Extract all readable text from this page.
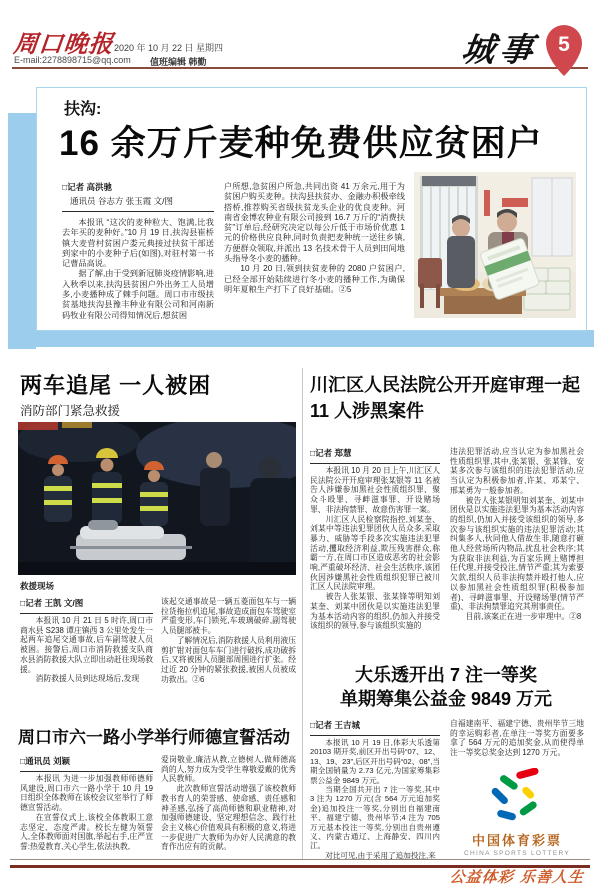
周口晚报
2020 年 10 月 22 日 星期四
E-mail:2278898715@qq.com 值班编辑 韩勤	城事 5
扶沟:
16 余万斤麦种免费供应贫困户
□记者 高洪驰
通讯员 谷志方 张玉霞 文/图

本报讯 “这次的麦种粒大、饱满,比我去年买的麦种好。”10 月 19 日,扶沟县崔桥镇大麦营村贫困户娄元典接过扶贫干部送到家中的小麦种子后(如图),对驻村第一书记曹品高说。

据了解,由于受到新冠肺炎疫情影响,进入秋季以来,扶沟县贫困户外出务工人员增多,小麦播种成了棘手问题。周口市市级扶贫基地扶沟县豫丰种业有限公司和河南新码牧业有限公司得知情况后,想贫困

户所想,急贫困户所急,共同出资 41 万余元,用于为贫困户购买麦种。扶沟县扶贫办、金融办积极牵线搭桥,推荐购买省级扶贫龙头企业的优良麦种。河南省金博农种业有限公司接到 16.7 万斤的“消费扶贫”订单后,经研究决定以每公斤低于市场价优惠 1 元的价格供应良种,同时负责把麦种统一送往乡镇,方便群众领取,并派出 13 名技术骨干人员到田间地头指导冬小麦的播种。

10 月 20 日,领到扶贫麦种的 2080 户贫困户,已经全部开始陆续进行冬小麦的播种工作,为确保明年夏粮生产打下了良好基础。②5

两车追尾 一人被困
消防部门紧急救援
救援现场
□记者 王凯 文/图

本报讯 10 月 21 日 5 时许,周口市商水县 S238 谭庄镇西 3 公里处发生一起两车追尾交通事故,后车副驾驶人员被困。接警后,周口市消防救援支队商水县消防救援大队立即出动赶往现场救援。

消防救援人员到达现场后,发现

该起交通事故是一辆五菱面包车与一辆拉货拖拉机追尾,事故造成面包车驾驶室严重变形,车门锁死,车玻璃破碎,副驾驶人员腿部被卡。

了解情况后,消防救援人员利用液压剪扩钳对面包车车门进行破拆,成功破拆后,又将被困人员腿部周围进行扩张。经过近 20 分钟的紧张救援,被困人员被成功救出。②6

周口市六一路小学举行师德宣誓活动
□通讯员 刘颖

本报讯 为进一步加强教师师德师风建设,周口市六一路小学于 10 月 19 日组织全体教师在该校会议室举行了师德宣誓活动。

在宣誓仪式上,该校全体教职工意志坚定、态度严肃。校长左健为领誓人,全体教师面对国旗,举起右手,庄严宣誓:热爱教育,关心学生,依法执教,

爱岗敬业,廉洁从教,立德树人,做师德高尚的人,努力成为受学生尊敬爱戴的优秀人民教师。

此次教师宣誓活动增强了该校教师教书育人的荣誉感、使命感、责任感和神圣感,弘扬了高尚师德和职业精神,对加强师德建设、坚定理想信念、践行社会主义核心价值观具有积极的意义,将进一步促进广大教师为办好人民满意的教育作出应有的贡献。

川汇区人民法院公开开庭审理一起
11 人涉黑案件
□记者 郑慧

本报讯 10 月 20 日上午,川汇区人民法院公开开庭审理张某银等 11 名被告人涉嫌参加黑社会性质组织罪、聚众斗殴罪、寻衅滋事罪、开设赌场罪、非法拘禁罪、故意伤害罪一案。

川汇区人民检察院指控,刘某奎、刘某中等违法犯罪团伙人员众多,采取暴力、威胁等手段多次实施违法犯罪活动,攫取经济利益,欺压残害群众,称霸一方,在周口市区造成恶劣的社会影响,严重破坏经济、社会生活秩序,该团伙因涉嫌黑社会性质组织犯罪已被川汇区人民法院审理。

被告人张某银、张某锋等明知刘某奎、刘某中团伙是以实施违法犯罪为基本活动内容的组织,仍加入并接受该组织的领导,参与该组织实施的

违法犯罪活动,应当认定为参加黑社会性质组织罪,其中,张某银、张某锋、安某多次参与该组织的违法犯罪活动,应当认定为积极参加者,许某、邓某宁、邢某勇为一般参加者。

被告人张某银明知刘某奎、刘某中团伙是以实施违法犯罪为基本活动内容的组织,仍加入并接受该组织的领导,多次参与该组织实施的违法犯罪活动;其纠集多人,伙同他人借故生非,随意打砸他人经营场所内物品,扰乱社会秩序;其为获取非法利益,为百家乐网上赌博担任代理,并接受投注,情节严重;其为索要欠款,组织人员非法拘禁并殴打他人,应以参加黑社会性质组织罪(积极参加者)、寻衅滋事罪、开设赌场罪(情节严重)、非法拘禁罪追究其刑事责任。

目前,该案正在进一步审理中。②8

大乐透开出 7 注一等奖
单期筹集公益金 9849 万元
□记者 王吉城

本报讯 10 月 19 日,体彩大乐透第 20103 期开奖,前区开出号码“07、12、13、19、23”,后区开出号码“02、08”,当期全国销量为 2.73 亿元,为国家筹集彩票公益金 9849 万元。

当期全国共开出 7 注一等奖,其中 3 注为 1270 万元(含 564 万元追加奖金)追加投注一等奖,分别出自福建南平、福建宁德、贵州毕节;4 注为 705 万元基本投注一等奖,分别出自贵州遵义、内蒙古通辽、上海静安、四川内江。

对比可见,由于采用了追加投注,来

自福建南平、福建宁德、贵州毕节三地的幸运购彩者,在单注一等奖方面要多拿了 564 万元的追加奖金,从而使得单注一等奖总奖金达到 1270 万元。

中国体育彩票
CHINA SPORTS LOTTERY
公益体彩 乐善人生
